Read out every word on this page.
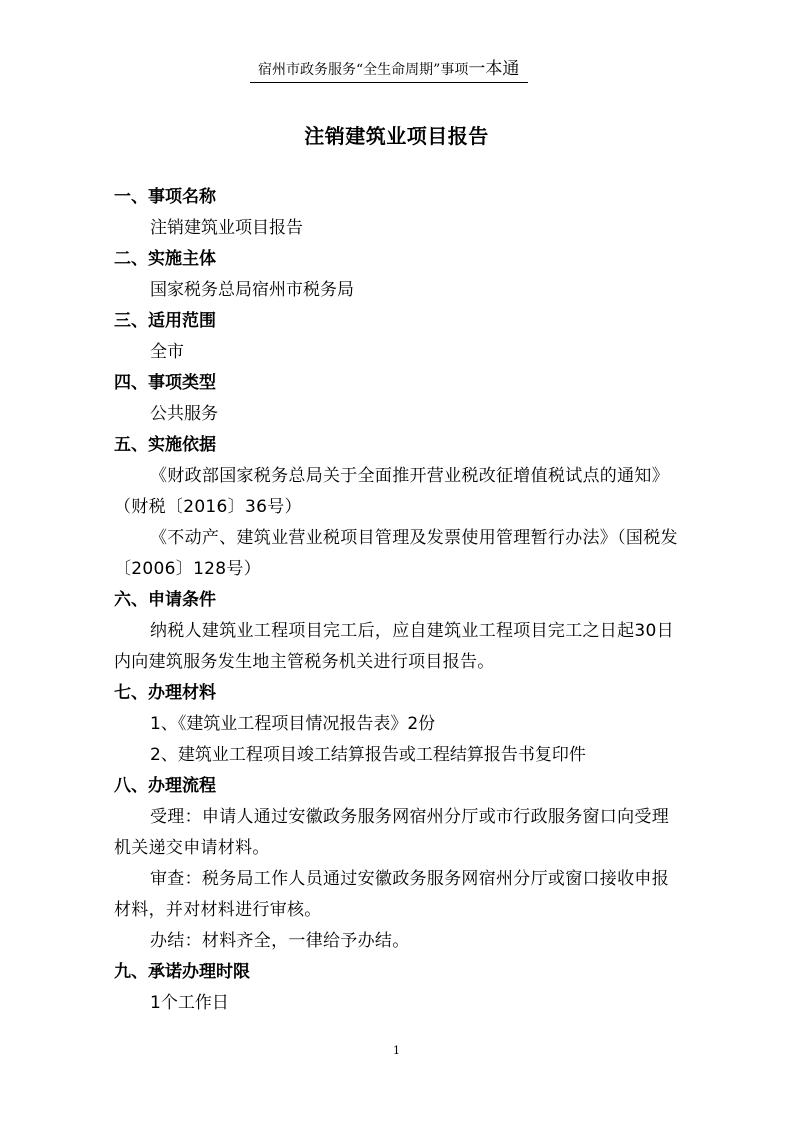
宿州市政务服务“全生命周期”事项一本通
注销建筑业项目报告
一、事项名称
注销建筑业项目报告
二、实施主体
国家税务总局宿州市税务局
三、适用范围
全市
四、事项类型
公共服务
五、实施依据
《财政部国家税务总局关于全面推开营业税改征增值税试点的通知》（财税〔2016〕36号）
《不动产、建筑业营业税项目管理及发票使用管理暂行办法》（国税发〔2006〕128号）
六、申请条件
纳税人建筑业工程项目完工后，应自建筑业工程项目完工之日起30日内向建筑服务发生地主管税务机关进行项目报告。
七、办理材料
1、《建筑业工程项目情况报告表》2份
2、建筑业工程项目竣工结算报告或工程结算报告书复印件
八、办理流程
受理：申请人通过安徽政务服务网宿州分厅或市行政服务窗口向受理机关递交申请材料。
审查：税务局工作人员通过安徽政务服务网宿州分厅或窗口接收申报材料，并对材料进行审核。
办结：材料齐全，一律给予办结。
九、承诺办理时限
1个工作日
1
